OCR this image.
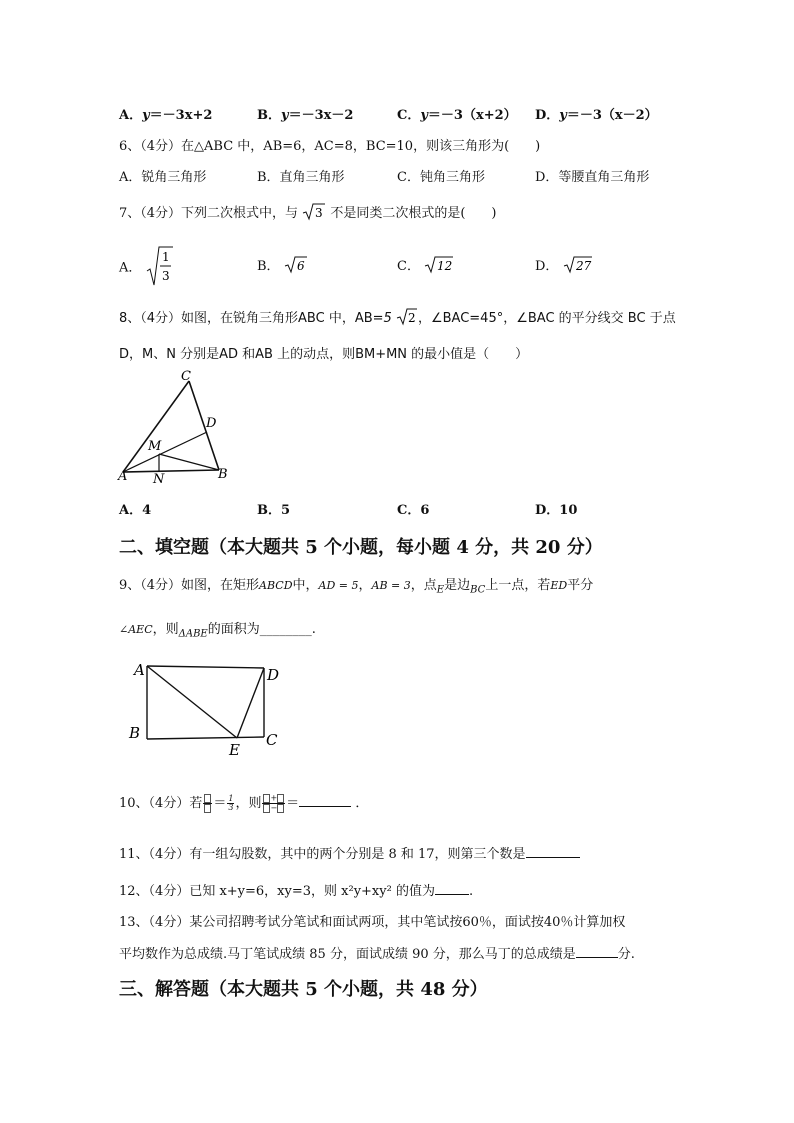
A．y＝－3x+2	B．y＝－3x－2	C．y＝－3（x+2） D．y＝－3（x－2）
6、（4分）在△ABC 中，AB=6，AC=8，BC=10，则该三角形为(　　)
A．锐角三角形	B．直角三角形	C．钝角三角形	D．等腰直角三角形
7、（4分）下列二次根式中，与 3 不是同类二次根式的是(　　)
A．
1
3
B． 6	C． 12	D． 27
8、（4分）如图，在锐角三角形ABC 中，AB=5 2 ，∠BAC=45°，∠BAC 的平分线交 BC 于点
D，M、N 分别是AD 和AB 上的动点，则BM+MN 的最小值是（　　）
C
D
M
A N	B
A．4	B．5	C．6	D．10
二、填空题（本大题共 5 个小题，每小题 4 分，共 20 分）
9、（4分）如图，在矩形ABCD中，AD = 5，AB = 3，点$_E$是边$_{BC}$上一点，若ED平分
∠AEC，则$_{\Delta ABE}$的面积为________.
A	D
B
E
C
10、（4分）若 ＝ $\frac{1}{3}$ ，则 $\frac{+}{-}$ ＝	．
11、（4分）有一组勾股数，其中的两个分别是 8 和 17，则第三个数是
12、（4分）已知 x+y=6，xy=3，则 x²y+xy² 的值为	.
13、（4分）某公司招聘考试分笔试和面试两项，其中笔试按60％，面试按40％计算加权
平均数作为总成绩.马丁笔试成绩 85 分，面试成绩 90 分，那么马丁的总成绩是	分.
三、解答题（本大题共 5 个小题，共 48 分）
